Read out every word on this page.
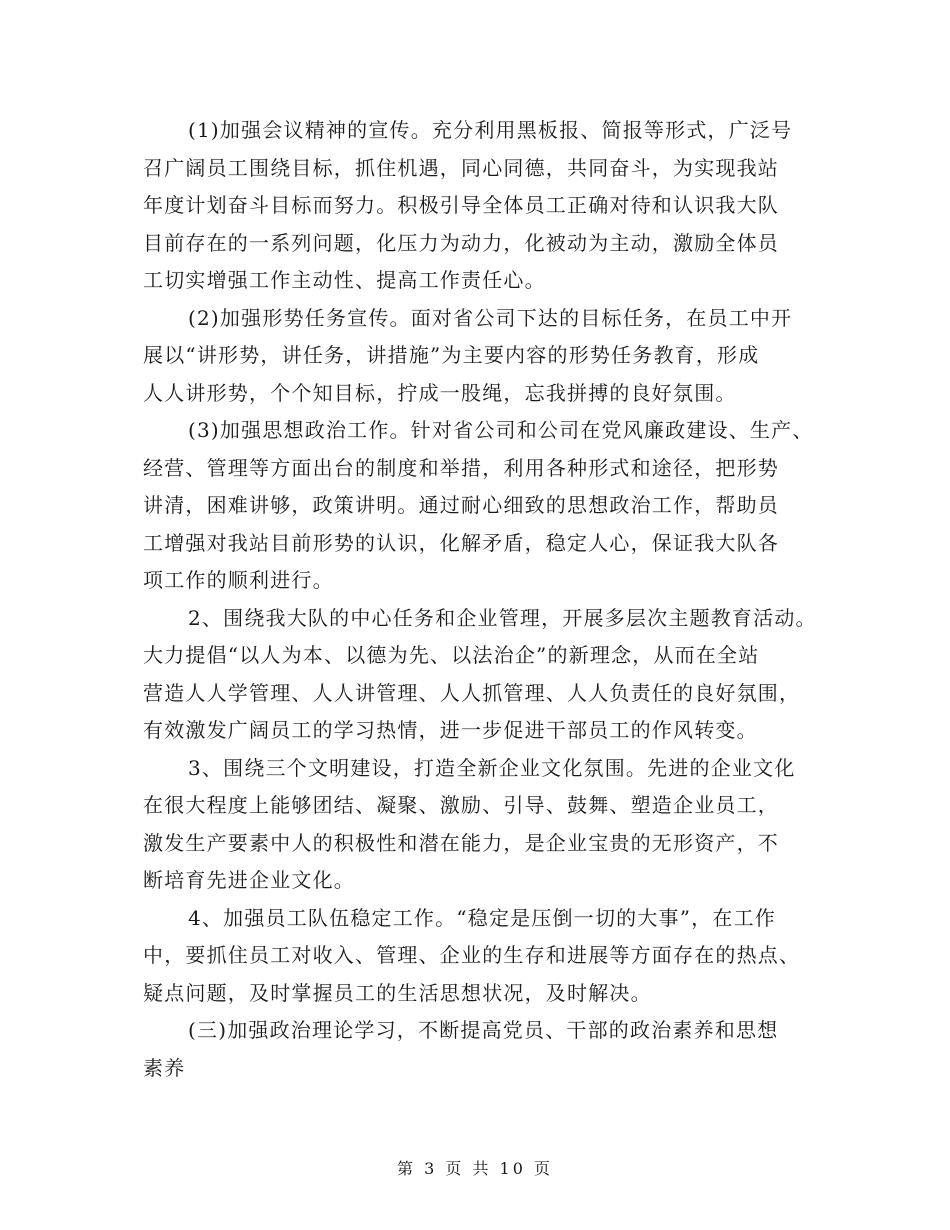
(1)加强会议精神的宣传。充分利用黑板报、简报等形式，广泛号
召广阔员工围绕目标，抓住机遇，同心同德，共同奋斗，为实现我站
年度计划奋斗目标而努力。积极引导全体员工正确对待和认识我大队
目前存在的一系列问题，化压力为动力，化被动为主动，激励全体员
工切实增强工作主动性、提高工作责任心。
(2)加强形势任务宣传。面对省公司下达的目标任务，在员工中开
展以“讲形势，讲任务，讲措施”为主要内容的形势任务教育，形成
人人讲形势，个个知目标，拧成一股绳，忘我拼搏的良好氛围。
(3)加强思想政治工作。针对省公司和公司在党风廉政建设、生产、
经营、管理等方面出台的制度和举措，利用各种形式和途径，把形势
讲清，困难讲够，政策讲明。通过耐心细致的思想政治工作，帮助员
工增强对我站目前形势的认识，化解矛盾，稳定人心，保证我大队各
项工作的顺利进行。
2、围绕我大队的中心任务和企业管理，开展多层次主题教育活动。
大力提倡“以人为本、以德为先、以法治企”的新理念，从而在全站
营造人人学管理、人人讲管理、人人抓管理、人人负责任的良好氛围，
有效激发广阔员工的学习热情，进一步促进干部员工的作风转变。
3、围绕三个文明建设，打造全新企业文化氛围。先进的企业文化
在很大程度上能够团结、凝聚、激励、引导、鼓舞、塑造企业员工，
激发生产要素中人的积极性和潜在能力，是企业宝贵的无形资产，不
断培育先进企业文化。
4、加强员工队伍稳定工作。“稳定是压倒一切的大事”，在工作
中，要抓住员工对收入、管理、企业的生存和进展等方面存在的热点、
疑点问题，及时掌握员工的生活思想状况，及时解决。
(三)加强政治理论学习，不断提高党员、干部的政治素养和思想
素养
第 3 页 共 10 页
